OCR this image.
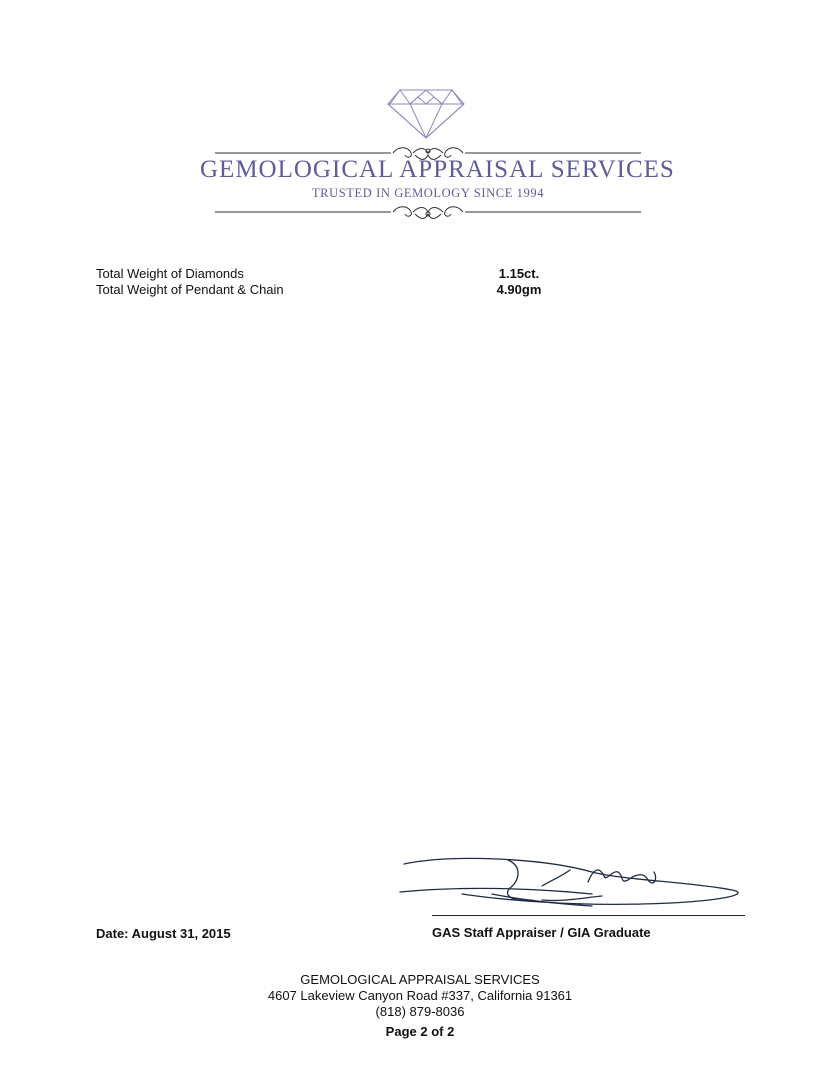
GEMOLOGICAL APPRAISAL SERVICES
TRUSTED IN GEMOLOGY SINCE 1994
Total Weight of Diamonds	1.15ct.
Total Weight of Pendant & Chain	4.90gm
Date: August 31, 2015	GAS Staff Appraiser / GIA Graduate
GEMOLOGICAL APPRAISAL SERVICES
4607 Lakeview Canyon Road #337, California 91361
(818) 879-8036
Page 2 of 2
